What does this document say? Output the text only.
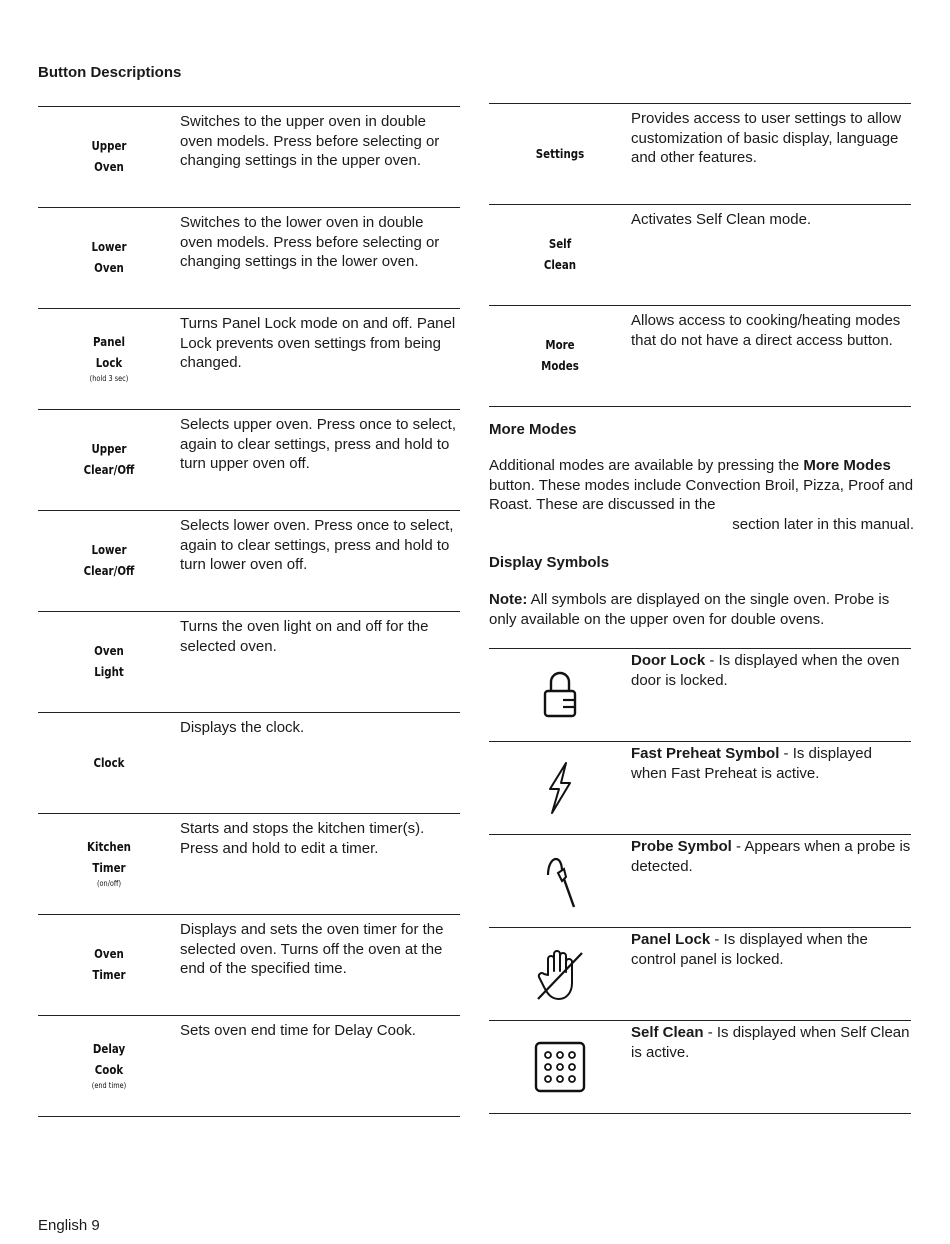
Button Descriptions
Upper
Oven
Switches to the upper oven in double oven models. Press before selecting or changing settings in the upper oven.
Lower
Oven
Switches to the lower oven in double oven models. Press before selecting or changing settings in the lower oven.
Panel
Lock
(hold 3 sec)
Turns Panel Lock mode on and off. Panel Lock prevents oven settings from being changed.
Upper
Clear/Off
Selects upper oven. Press once to select, again to clear settings, press and hold to turn upper oven off.
Lower
Clear/Off
Selects lower oven. Press once to select, again to clear settings, press and hold to turn lower oven off.
Oven
Light
Turns the oven light on and off for the selected oven.
Clock
Displays the clock.
Kitchen
Timer
(on/off)
Starts and stops the kitchen timer(s). Press and hold to edit a timer.
Oven
Timer
Displays and sets the oven timer for the selected oven. Turns off the oven at the end of the specified time.
Delay
Cook
(end time)
Sets oven end time for Delay Cook.
Settings
Provides access to user settings to allow customization of basic display, language and other features.
Self
Clean
Activates Self Clean mode.
More
Modes
Allows access to cooking/heating modes that do not have a direct access button.
More Modes
Additional modes are available by pressing the More Modes button. These modes include Convection Broil, Pizza, Proof and Roast. These are discussed in the
section later in this manual.
Display Symbols
Note: All symbols are displayed on the single oven. Probe is only available on the upper oven for double ovens.
Door Lock - Is displayed when the oven door is locked.
Fast Preheat Symbol - Is displayed when Fast Preheat is active.
Probe Symbol - Appears when a probe is detected.
Panel Lock - Is displayed when the control panel is locked.
Self Clean - Is displayed when Self Clean is active.
English 9
